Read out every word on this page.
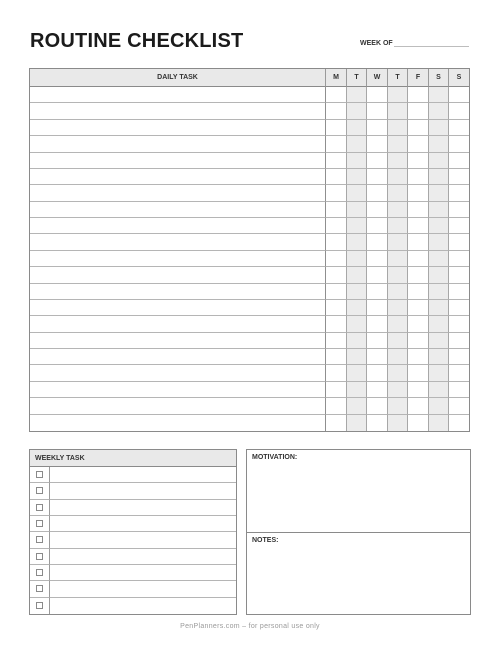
ROUTINE CHECKLIST	WEEK OF
DAILY TASK	M	T	W	T	F	S	S
WEEKLY TASK	MOTIVATION:
NOTES:
PenPlanners.com – for personal use only
